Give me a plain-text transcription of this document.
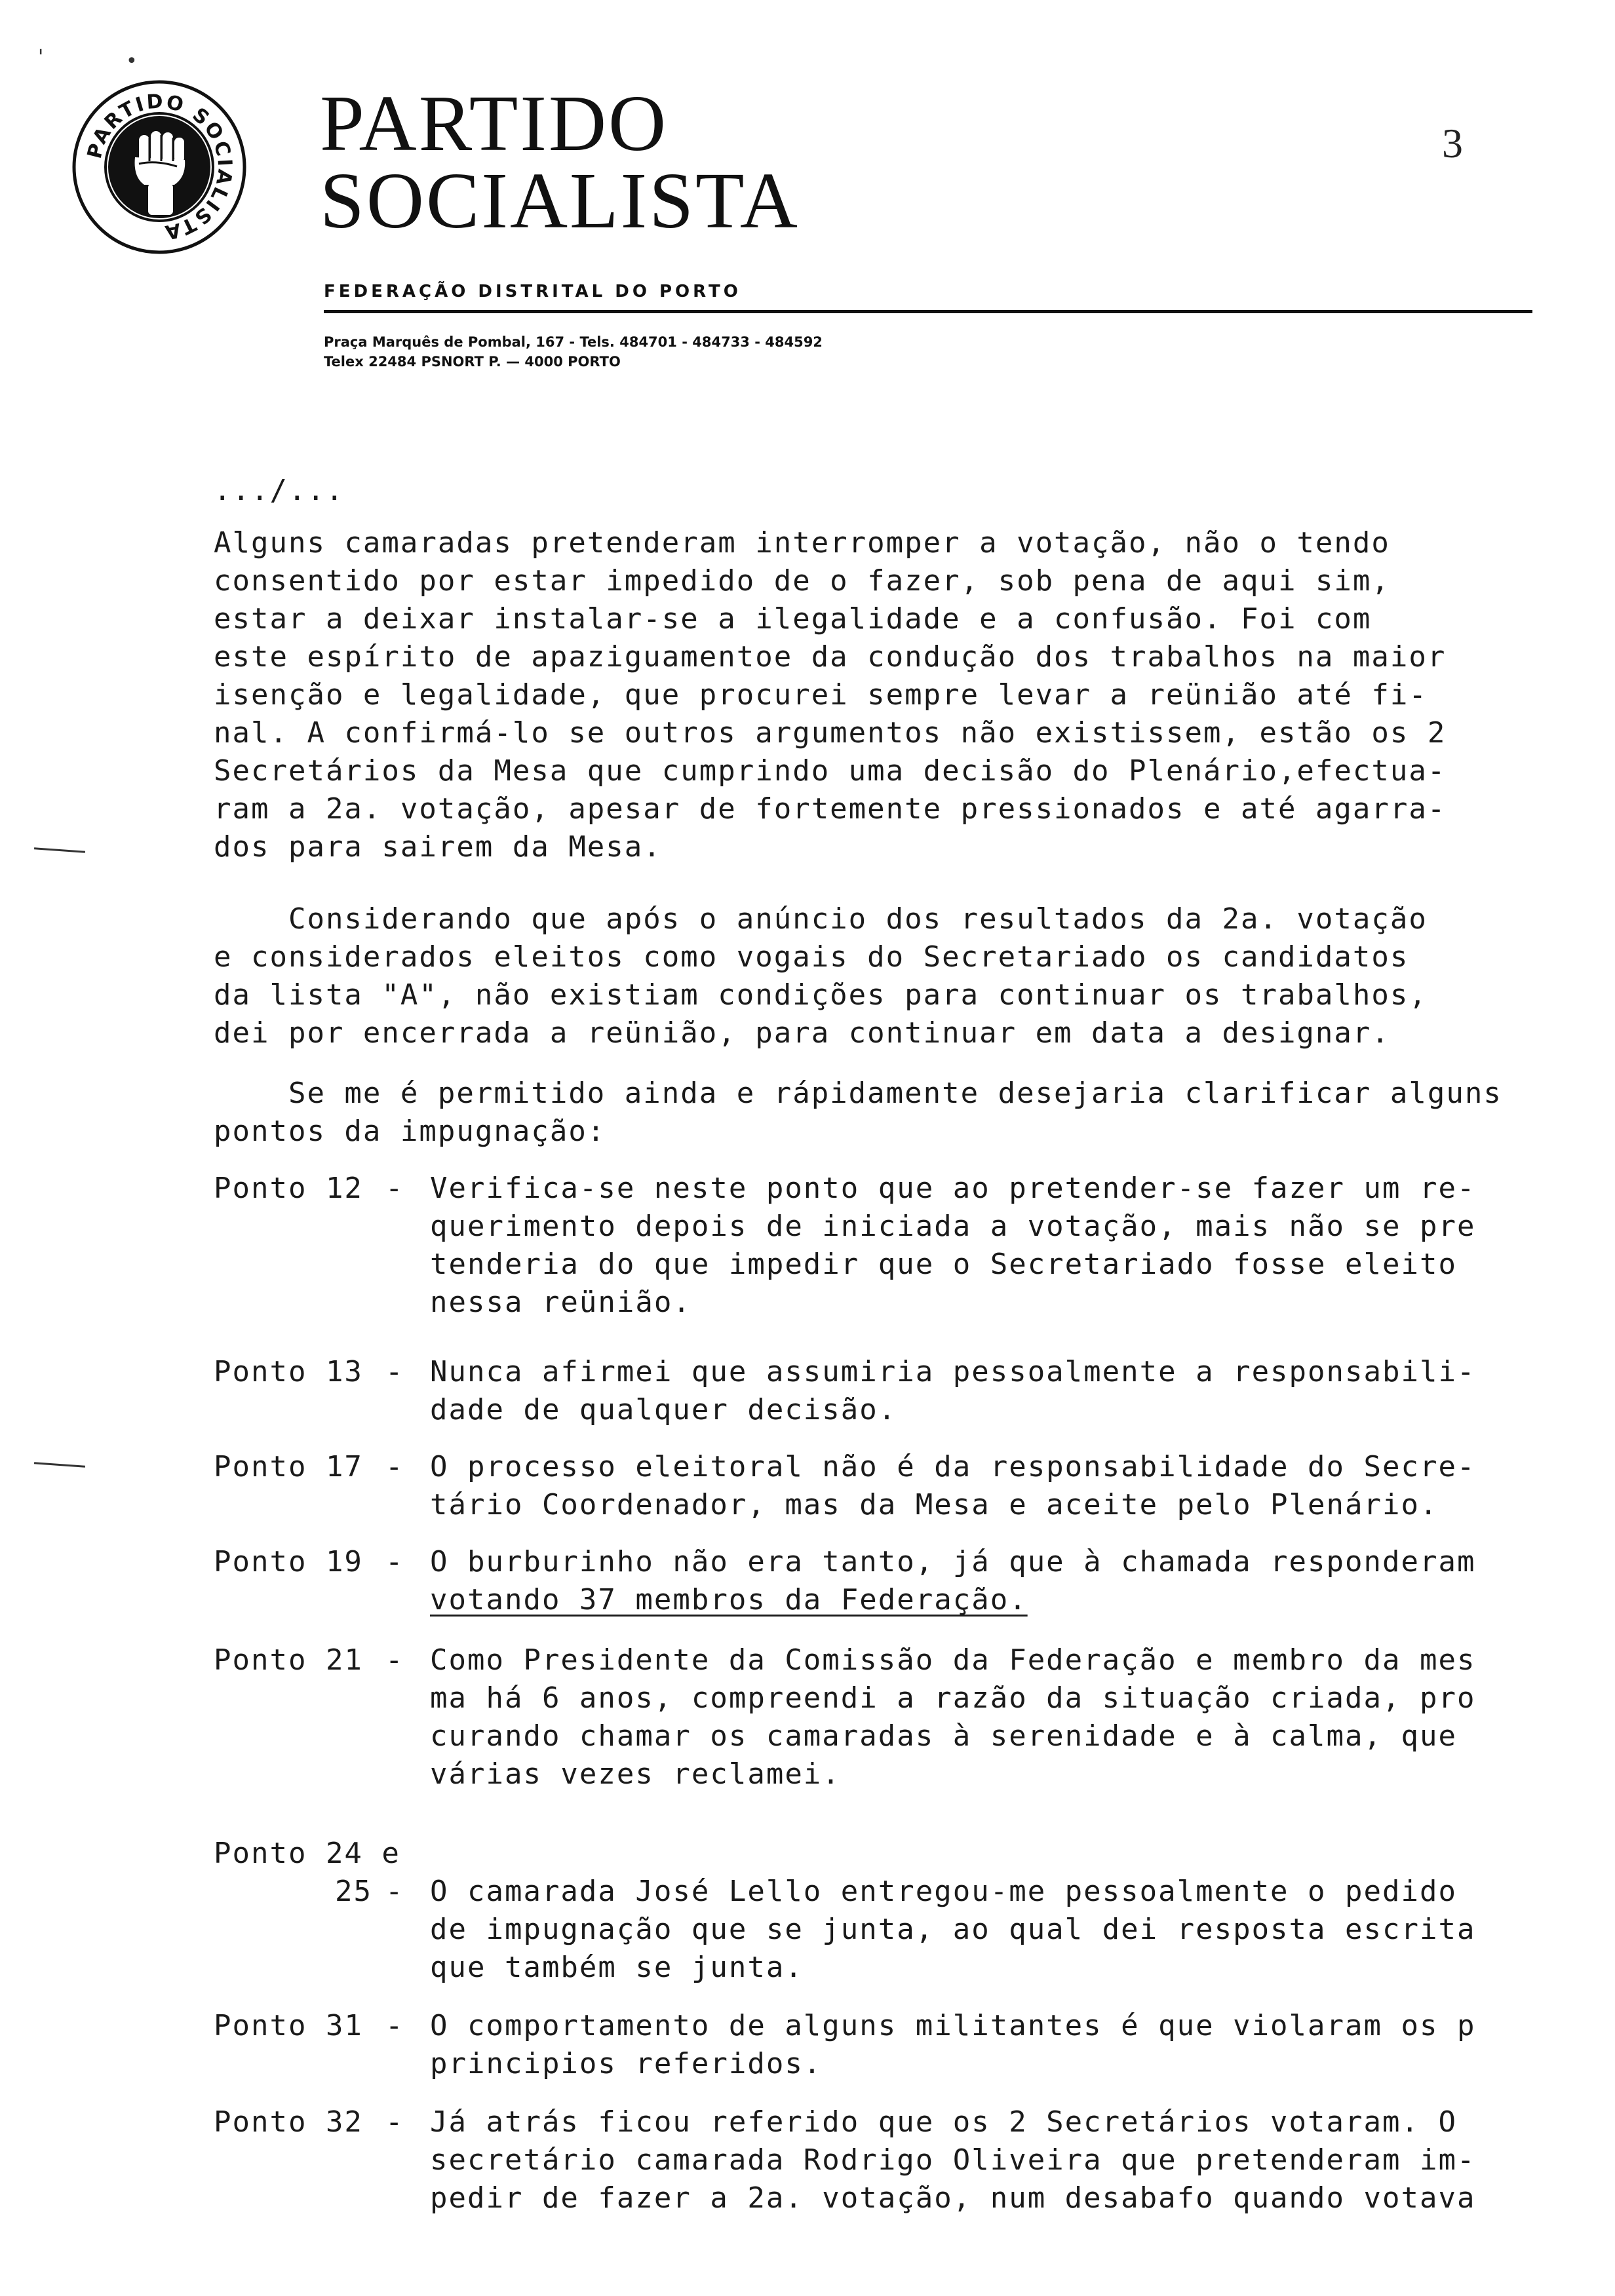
PARTIDO SOCIALISTA
PARTIDO
SOCIALISTA
FEDERAÇÃO DISTRITAL DO PORTO
Praça Marquês de Pombal, 167 - Tels. 484701 - 484733 - 484592
Telex 22484 PSNORT P. — 4000 PORTO
3
'	•
.../...
Alguns camaradas pretenderam interromper a votação, não o tendo
consentido por estar impedido de o fazer, sob pena de aqui sim,
estar a deixar instalar-se a ilegalidade e a confusão. Foi com
este espírito de apaziguamentoe da condução dos trabalhos na maior
isenção e legalidade, que procurei sempre levar a reünião até fi-
nal. A confirmá-lo se outros argumentos não existissem, estão os 2
Secretários da Mesa que cumprindo uma decisão do Plenário,efectua-
ram a 2a. votação, apesar de fortemente pressionados e até agarra-
dos para sairem da Mesa.
Considerando que após o anúncio dos resultados da 2a. votação
e considerados eleitos como vogais do Secretariado os candidatos
da lista "A", não existiam condições para continuar os trabalhos,
dei por encerrada a reünião, para continuar em data a designar.
Se me é permitido ainda e rápidamente desejaria clarificar alguns
pontos da impugnação:
Ponto 12 - Verifica-se neste ponto que ao pretender-se fazer um re-
querimento depois de iniciada a votação, mais não se pre
tenderia do que impedir que o Secretariado fosse eleito
nessa reünião.
Ponto 13 - Nunca afirmei que assumiria pessoalmente a responsabili-
dade de qualquer decisão.
Ponto 17 - O processo eleitoral não é da responsabilidade do Secre-
tário Coordenador, mas da Mesa e aceite pelo Plenário.
Ponto 19 - O burburinho não era tanto, já que à chamada responderam
votando 37 membros da Federação.
Ponto 21 - Como Presidente da Comissão da Federação e membro da mes
ma há 6 anos, compreendi a razão da situação criada, pro
curando chamar os camaradas à serenidade e à calma, que
várias vezes reclamei.
Ponto 24 e
25 - O camarada José Lello entregou-me pessoalmente o pedido
de impugnação que se junta, ao qual dei resposta escrita
que também se junta.
Ponto 31 - O comportamento de alguns militantes é que violaram os p
principios referidos.
Ponto 32 - Já atrás ficou referido que os 2 Secretários votaram. O
secretário camarada Rodrigo Oliveira que pretenderam im-
pedir de fazer a 2a. votação, num desabafo quando votava
